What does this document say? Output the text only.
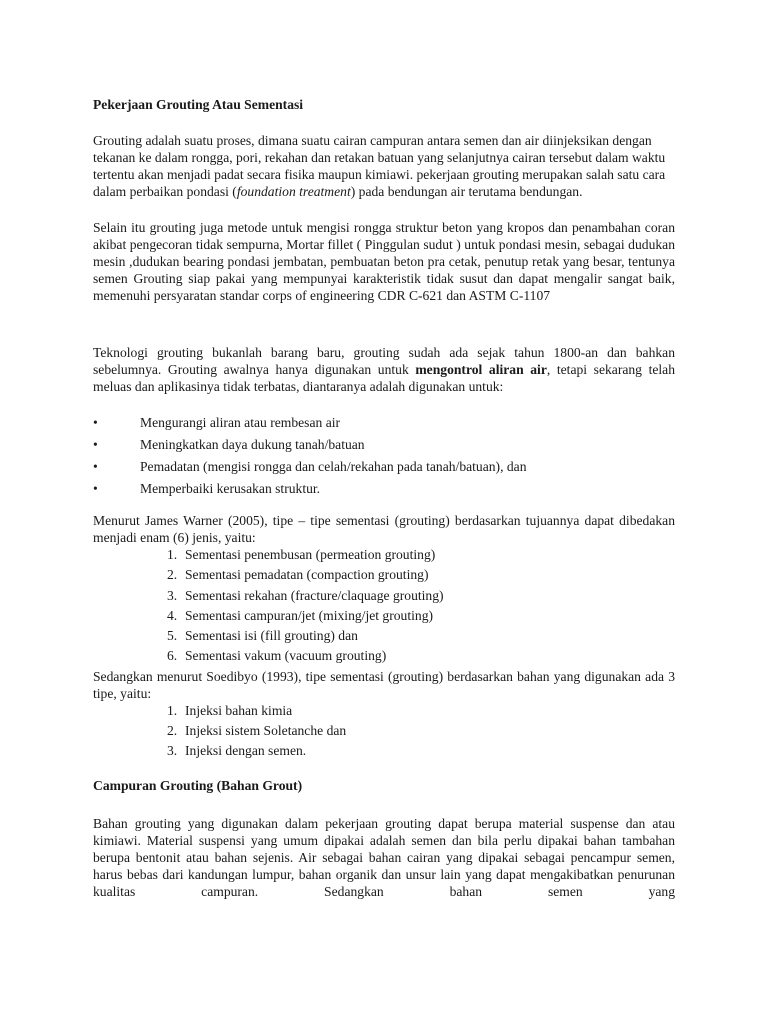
Pekerjaan Grouting Atau Sementasi

Grouting adalah suatu proses, dimana suatu cairan campuran antara semen dan air diinjeksikan dengan tekanan ke dalam rongga, pori, rekahan dan retakan batuan yang selanjutnya cairan tersebut dalam waktu tertentu akan menjadi padat secara fisika maupun kimiawi. pekerjaan grouting merupakan salah satu cara dalam perbaikan pondasi (foundation treatment) pada bendungan air terutama bendungan.

Selain itu grouting juga metode untuk mengisi rongga struktur beton yang kropos dan penambahan coran akibat pengecoran tidak sempurna, Mortar fillet ( Pinggulan sudut ) untuk pondasi mesin, sebagai dudukan mesin ,dudukan bearing pondasi jembatan, pembuatan beton pra cetak, penutup retak yang besar, tentunya semen Grouting siap pakai yang mempunyai karakteristik tidak susut dan dapat mengalir sangat baik, memenuhi persyaratan standar corps of engineering CDR C-621 dan ASTM C-1107

Teknologi grouting bukanlah barang baru, grouting sudah ada sejak tahun 1800-an dan bahkan sebelumnya. Grouting awalnya hanya digunakan untuk mengontrol aliran air, tetapi sekarang telah meluas dan aplikasinya tidak terbatas, diantaranya adalah digunakan untuk:

•	Mengurangi aliran atau rembesan air
•	Meningkatkan daya dukung tanah/batuan
•	Pemadatan (mengisi rongga dan celah/rekahan pada tanah/batuan), dan
•	Memperbaiki kerusakan struktur.

Menurut James Warner (2005), tipe – tipe sementasi (grouting) berdasarkan tujuannya dapat dibedakan menjadi enam (6) jenis, yaitu:

1. Sementasi penembusan (permeation grouting)
2. Sementasi pemadatan (compaction grouting)
3. Sementasi rekahan (fracture/claquage grouting)
4. Sementasi campuran/jet (mixing/jet grouting)
5. Sementasi isi (fill grouting) dan
6. Sementasi vakum (vacuum grouting)

Sedangkan menurut Soedibyo (1993), tipe sementasi (grouting) berdasarkan bahan yang digunakan ada 3 tipe, yaitu:

1. Injeksi bahan kimia
2. Injeksi sistem Soletanche dan
3. Injeksi dengan semen.
Campuran Grouting (Bahan Grout)

Bahan grouting yang digunakan dalam pekerjaan grouting dapat berupa material suspense dan atau kimiawi. Material suspensi yang umum dipakai adalah semen dan bila perlu dipakai bahan tambahan berupa bentonit atau bahan sejenis. Air sebagai bahan cairan yang dipakai sebagai pencampur semen, harus bebas dari kandungan lumpur, bahan organik dan unsur lain yang dapat mengakibatkan penurunan kualitas campuran. Sedangkan bahan semen yang
